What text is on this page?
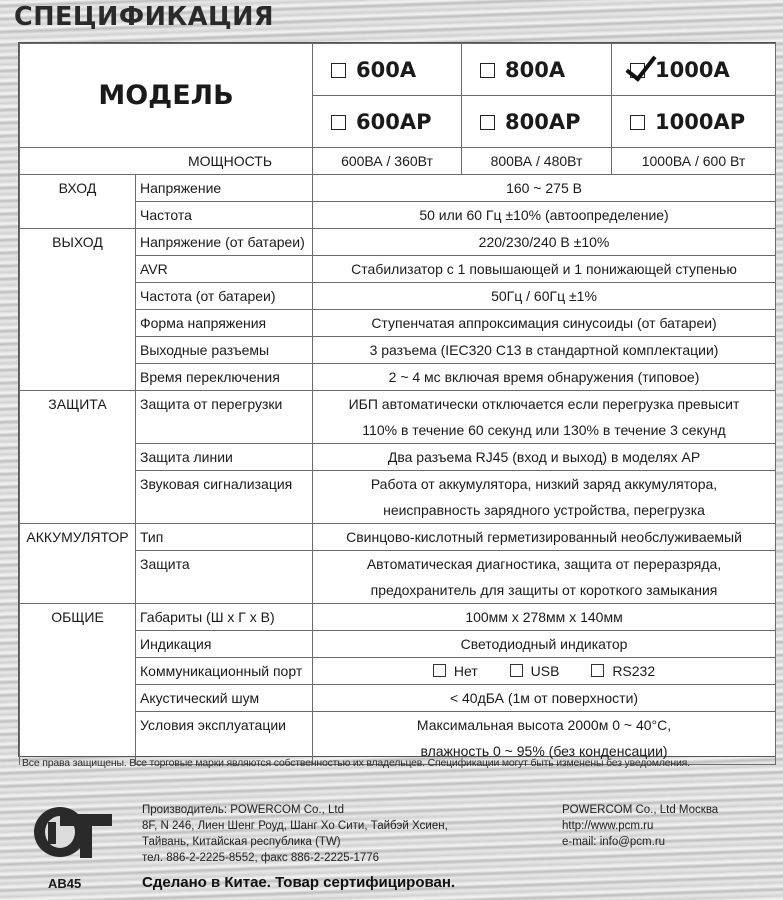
СПЕЦИФИКАЦИЯ
МОДЕЛЬ		600A	800A	1000A
		600AP	800AP	1000AP
МОЩНОСТЬ		600ВА / 360Вт	800ВА / 480Вт	1000ВА / 600 Вт
ВХОД	Напряжение	160 ~ 275 В		
	Частота	50 или 60 Гц ±10% (автоопределение)		
ВЫХОД	Напряжение (от батареи)	220/230/240 В ±10%		
	AVR	Стабилизатор с 1 повышающей и 1 понижающей ступенью		
	Частота (от батареи)	50Гц / 60Гц ±1%		
	Форма напряжения	Ступенчатая аппроксимация синусоиды (от батареи)		
	Выходные разъемы	3 разъема (IEC320 C13 в стандартной комплектации)		
	Время переключения	2 ~ 4 мс включая время обнаружения (типовое)		
ЗАЩИТА	Защита от перегрузки	ИБП автоматически отключается если перегрузка превысит
110% в течение 60 секунд или 130% в течение 3 секунд		

	Защита линии	Два разъема RJ45 (вход и выход) в моделях AP		
	Звуковая сигнализация	Работа от аккумулятора, низкий заряд аккумулятора,
неисправность зарядного устройства, перегрузка		

АККУМУЛЯТОР	Тип	Свинцово-кислотный герметизированный необслуживаемый		
	Защита	Автоматическая диагностика, защита от переразряда,
предохранитель для защиты от короткого замыкания		

ОБЩИЕ	Габариты (Ш х Г х В)	100мм х 278мм х 140мм		
	Индикация	Светодиодный индикатор		
	Коммуникационный порт	Нет USB RS232		
	Акустический шум	< 40дБА (1м от поверхности)		
	Условия эксплуатации	Максимальная высота 2000м 0 ~ 40°С,
влажность 0 ~ 95% (без конденсации)		
Все права защищены. Все торговые марки являются собственностью их владельцев. Спецификации могут быть изменены без уведомления.
АВ45
Производитель: POWERCOM Co., Ltd
8F, N 246, Лиен Шенг Роуд, Шанг Хо Сити, Тайбэй Хсиен,
Тайвань, Китайская республика (TW)
тел. 886-2-2225-8552, факс 886-2-2225-1776
Сделано в Китае. Товар сертифицирован.
POWERCOM Co., Ltd Москва
http://www.pcm.ru
e-mail: info@pcm.ru
